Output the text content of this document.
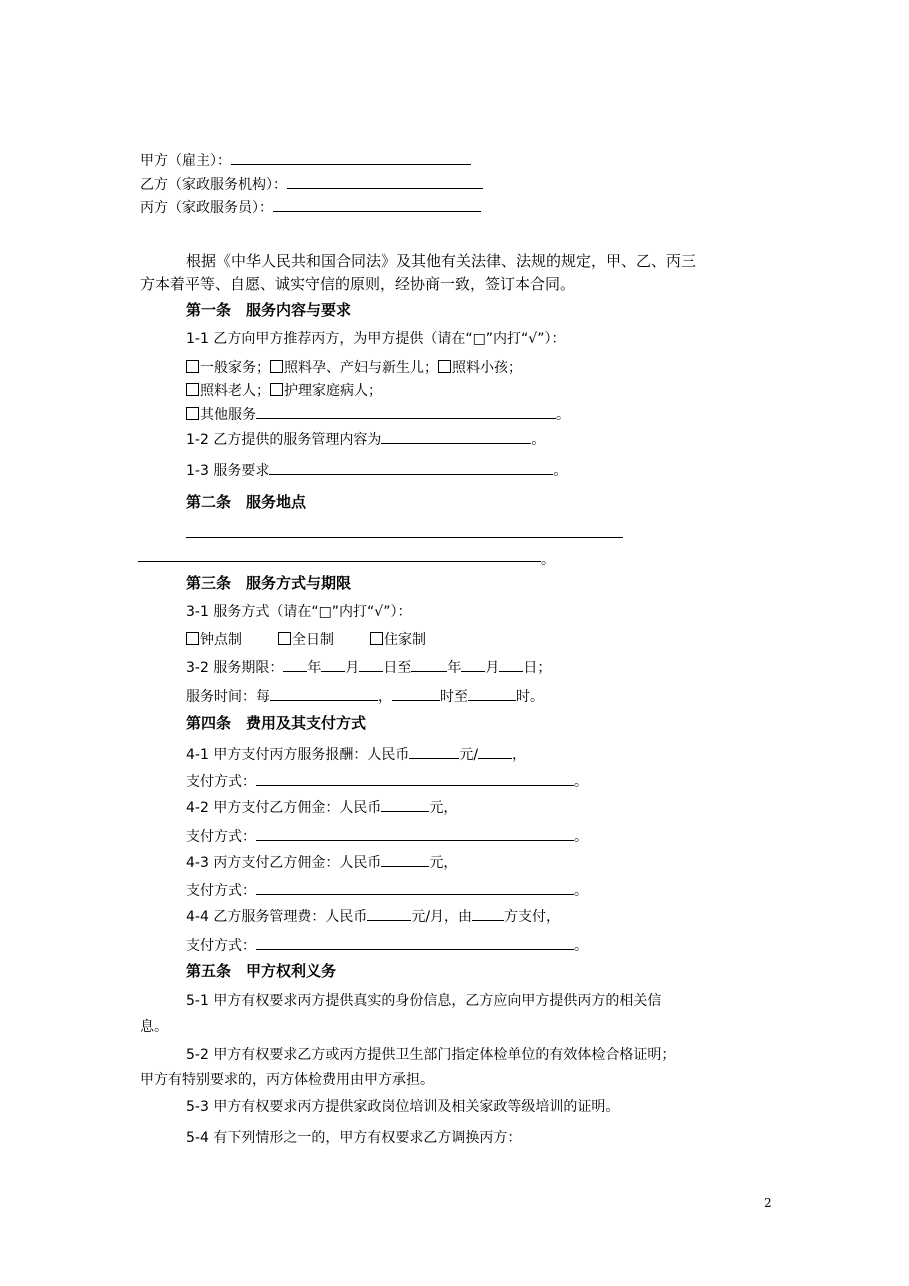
甲方（雇主）：
乙方（家政服务机构）：
丙方（家政服务员）：
根据《中华人民共和国合同法》及其他有关法律、法规的规定，甲、乙、丙三
方本着平等、自愿、诚实守信的原则，经协商一致，签订本合同。
第一条　服务内容与要求
1-1 乙方向甲方推荐丙方，为甲方提供（请在“□”内打“√”）：
一般家务； 照料孕、产妇与新生儿； 照料小孩；
照料老人； 护理家庭病人；
其他服务	。
1-2 乙方提供的服务管理内容为	。
1-3 服务要求	。
第二条　服务地点
。
第三条　服务方式与期限
3-1 服务方式（请在“□”内打“√”）：
钟点制	全日制	住家制
3-2 服务期限： 年 月 日至	年 月 日；
服务时间：每	，	时至	时。
第四条　费用及其支付方式
4-1 甲方支付丙方服务报酬：人民币	元/ ，
支付方式：	。
4-2 甲方支付乙方佣金：人民币	元，
支付方式：	。
4-3 丙方支付乙方佣金：人民币	元，
支付方式：	。
4-4 乙方服务管理费：人民币	元/月，由 方支付，
支付方式：	。
第五条　甲方权利义务
5-1 甲方有权要求丙方提供真实的身份信息，乙方应向甲方提供丙方的相关信
息。
5-2 甲方有权要求乙方或丙方提供卫生部门指定体检单位的有效体检合格证明；
甲方有特别要求的，丙方体检费用由甲方承担。
5-3 甲方有权要求丙方提供家政岗位培训及相关家政等级培训的证明。
5-4 有下列情形之一的，甲方有权要求乙方调换丙方：
2
